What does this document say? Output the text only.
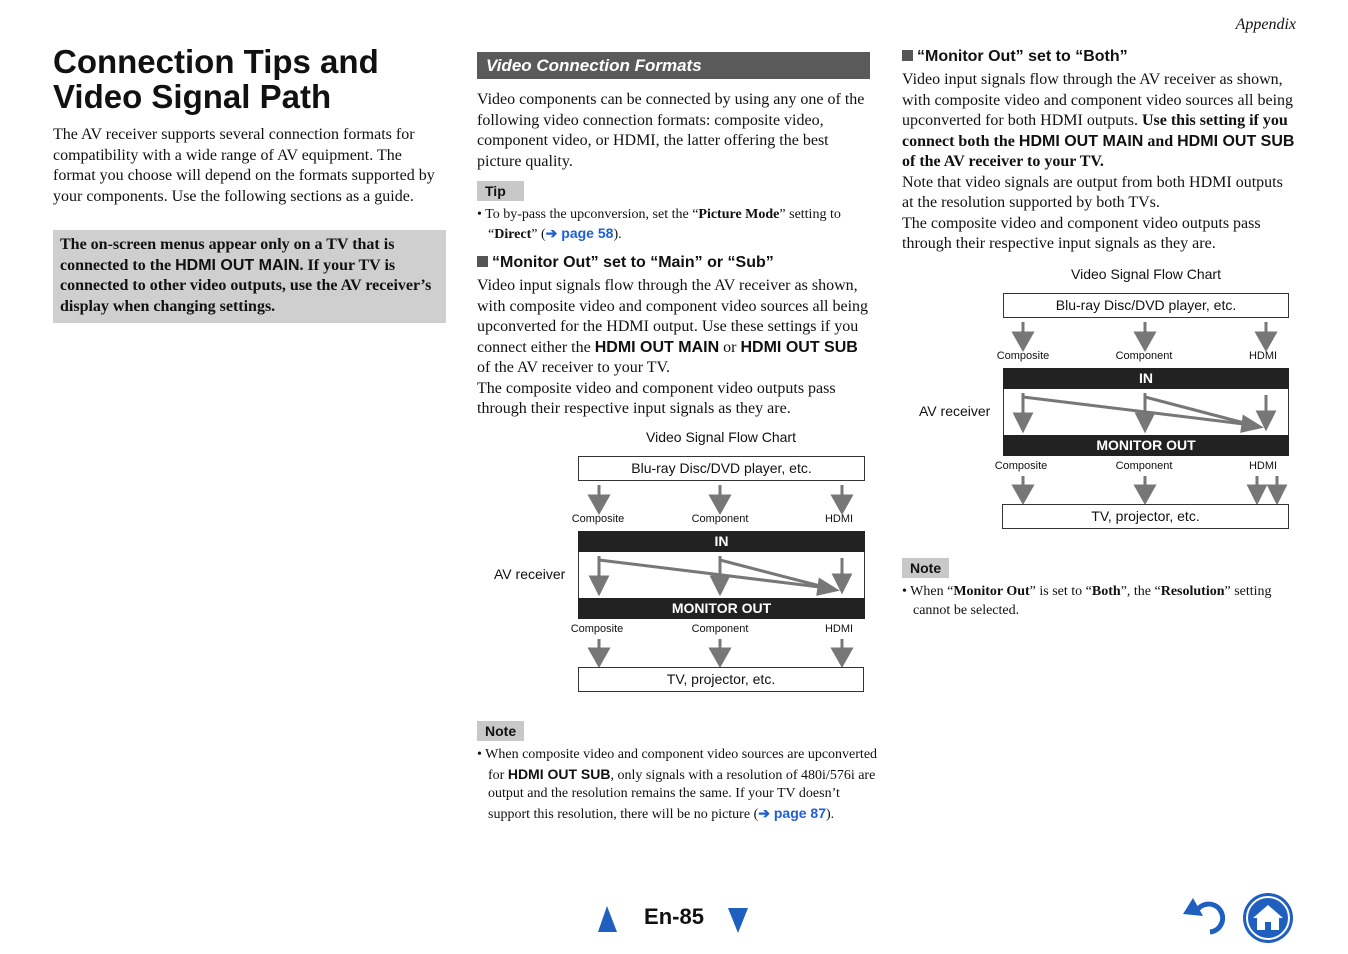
Appendix
Connection Tips and
Video Signal Path

The AV receiver supports several connection formats for compatibility with a wide range of AV equipment. The format you choose will depend on the formats supported by your components. Use the following sections as a guide.

The on-screen menus appear only on a TV that is connected to the HDMI OUT MAIN. If your TV is connected to other video outputs, use the AV receiver’s display when changing settings.
Video Connection Formats

Video components can be connected by using any one of the following video connection formats: composite video, component video, or HDMI, the latter offering the best picture quality.

Tip
• To by-pass the upconversion, set the “Picture Mode” setting to “Direct” (➔ page 58).
“Monitor Out” set to “Main” or “Sub”
Video input signals flow through the AV receiver as shown, with composite video and component video sources all being upconverted for the HDMI output. Use these settings if you connect either the HDMI OUT MAIN or HDMI OUT SUB of the AV receiver to your TV.
The composite video and component video outputs pass through their respective input signals as they are.
Video Signal Flow Chart
Blu-ray Disc/DVD player, etc.
Composite	Component	HDMI
IN
MONITOR OUT
AV receiver
Composite	Component	HDMI
TV, projector, etc.
Note
• When composite video and component video sources are upconverted for HDMI OUT SUB, only signals with a resolution of 480i/576i are output and the resolution remains the same. If your TV doesn’t support this resolution, there will be no picture (➔ page 87).
“Monitor Out” set to “Both”
Video input signals flow through the AV receiver as shown, with composite video and component video sources all being upconverted for both HDMI outputs. Use this setting if you connect both the HDMI OUT MAIN and HDMI OUT SUB of the AV receiver to your TV.
Note that video signals are output from both HDMI outputs at the resolution supported by both TVs.
The composite video and component video outputs pass through their respective input signals as they are.
Video Signal Flow Chart
Blu-ray Disc/DVD player, etc.
Composite	Component	HDMI
IN
MONITOR OUT
AV receiver
Composite	Component	HDMI
TV, projector, etc.
Note
• When “Monitor Out” is set to “Both”, the “Resolution” setting cannot be selected.
En-85
